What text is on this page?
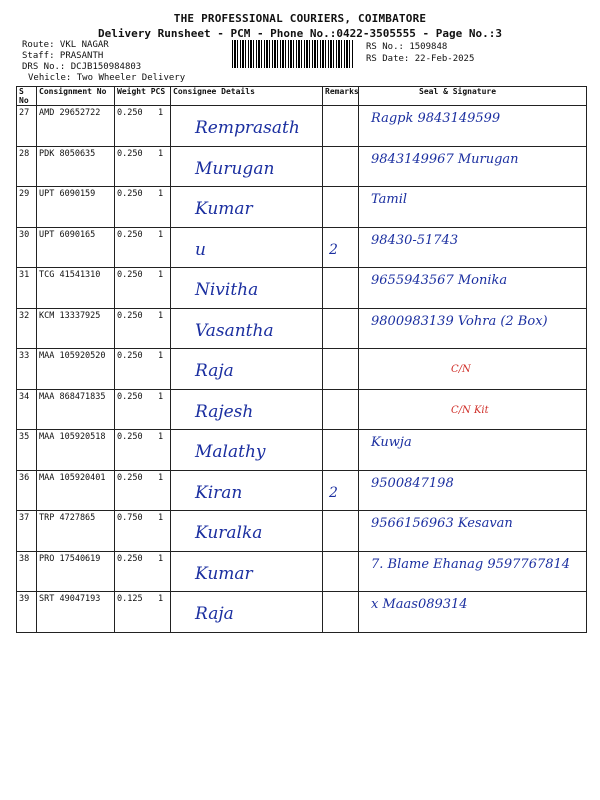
THE PROFESSIONAL COURIERS, COIMBATORE
Delivery Runsheet - PCM - Phone No.:0422-3505555 - Page No.:3
Route: VKL NAGAR
Staff: PRASANTH
DRS No.: DCJB150984803
Vehicle: Two Wheeler Delivery
RS No.: 1509848
RS Date: 22-Feb-2025
S No	Consignment No	Weight PCS	Consignee Details	Remarks	Seal & Signature

27	AMD 29652722	0.250 1	Remprasath		Ragpk 9843149599

28	PDK 8050635	0.250 1	Murugan		9843149967 Murugan

29	UPT 6090159	0.250 1	Kumar		Tamil

30	UPT 6090165	0.250 1	u	2	98430-51743

31	TCG 41541310	0.250 1	Nivitha		9655943567 Monika

32	KCM 13337925	0.250 1	Vasantha		9800983139 Vohra (2 Box)

33	MAA 105920520	0.250 1	Raja		C/N

34	MAA 868471835	0.250 1	Rajesh		C/N Kit

35	MAA 105920518	0.250 1	Malathy		Kuwja

36	MAA 105920401	0.250 1	Kiran	2	9500847198

37	TRP 4727865	0.750 1	Kuralka		9566156963 Kesavan

38	PRO 17540619	0.250 1	Kumar		7. Blame Ehanag 9597767814

39	SRT 49047193	0.125 1	Raja		x Maas089314
